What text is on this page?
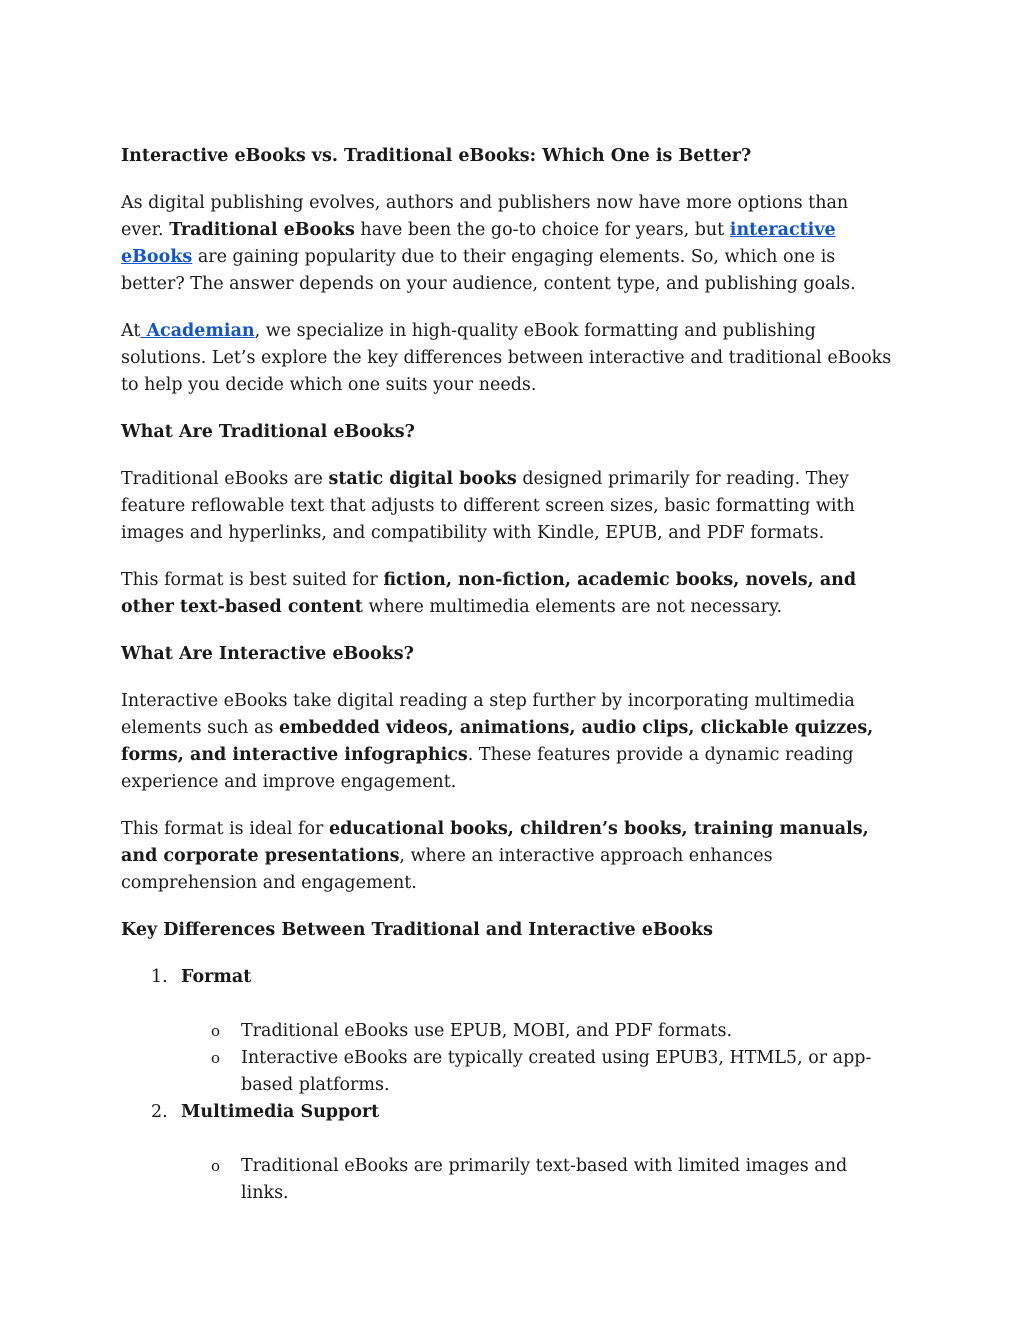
Interactive eBooks vs. Traditional eBooks: Which One is Better?

As digital publishing evolves, authors and publishers now have more options than ever. Traditional eBooks have been the go-to choice for years, but interactive eBooks are gaining popularity due to their engaging elements. So, which one is better? The answer depends on your audience, content type, and publishing goals.

At Academian, we specialize in high-quality eBook formatting and publishing solutions. Let’s explore the key differences between interactive and traditional eBooks to help you decide which one suits your needs.

What Are Traditional eBooks?

Traditional eBooks are static digital books designed primarily for reading. They feature reflowable text that adjusts to different screen sizes, basic formatting with images and hyperlinks, and compatibility with Kindle, EPUB, and PDF formats.

This format is best suited for fiction, non-fiction, academic books, novels, and other text-based content where multimedia elements are not necessary.

What Are Interactive eBooks?

Interactive eBooks take digital reading a step further by incorporating multimedia elements such as embedded videos, animations, audio clips, clickable quizzes, forms, and interactive infographics. These features provide a dynamic reading experience and improve engagement.

This format is ideal for educational books, children’s books, training manuals, and corporate presentations, where an interactive approach enhances comprehension and engagement.

Key Differences Between Traditional and Interactive eBooks

1. Format
o Traditional eBooks use EPUB, MOBI, and PDF formats.
o Interactive eBooks are typically created using EPUB3, HTML5, or app-based platforms.
2. Multimedia Support
o Traditional eBooks are primarily text-based with limited images and links.
